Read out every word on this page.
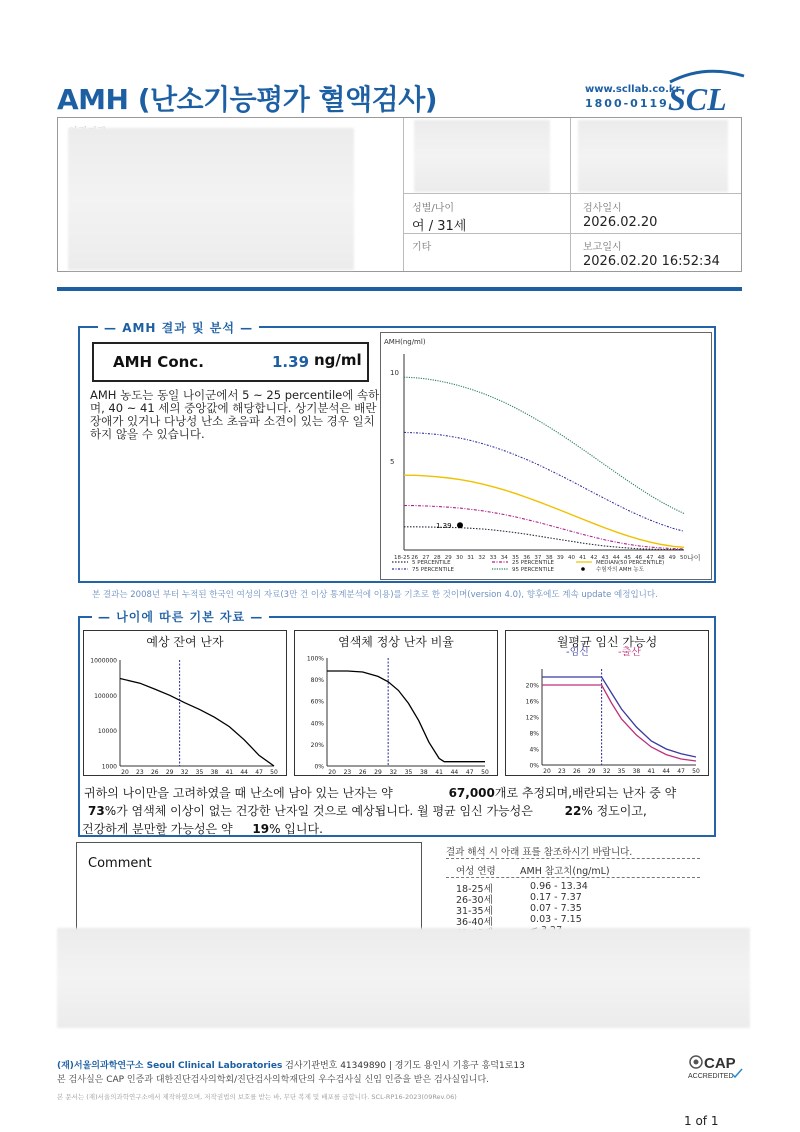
AMH (난소기능평가 혈액검사)	www.scllab.co.kr
1800-0119 SCL
성별/나이
여 / 31세
검사일시
2026.02.20
기타	보고일시
2026.02.20 16:52:34
— AMH 결과 및 분석 —
AMH Conc.	1.39 ng/ml
AMH 농도는 동일 나이군에서 5 ~ 25 percentile에 속하며, 40 ~ 41 세의 중앙값에 해당합니다. 상기분석은 배란장애가 있거나 다낭성 난소 초음파 소견이 있는 경우 일치하지 않을 수 있습니다.
AMH(ng/ml)
10
5
18-25 26 27 28 29 30 31 32 33 34 35 36 37 38 39 40 41 42 43 44 45 46 47 48 49 50 나이
1.39
5 PERCENTILE	25 PERCENTILE	MEDIAN(50 PERCENTILE)
75 PERCENTILE	95 PERCENTILE	수험자의 AMH 농도
본 결과는 2008년 부터 누적된 한국인 여성의 자료(3만 건 이상 통계분석에 이용)를 기초로 한 것이며(version 4.0), 향후에도 계속 update 예정입니다.
— 나이에 따른 기본 자료 —
예상 잔여 난자
1000000
100000
10000
1000
20 23 26 29 32 35 38 41 44 47 50
염색체 정상 난자 비율
100%
80%
60%
40%
20%
0%
20 23 26 29 32 35 38 41 44 47 50
월평균 임신 가능성
20%
16%
12%
8%
4%
0%
20 23 26 29 32 35 38 41 44 47 50
-임신	-출산
귀하의 나이만을 고려하였을 때 난소에 남아 있는 난자는 약	67,000개로 추정되며,배란되는 난자 중 약
73%가 염색체 이상이 없는 건강한 난자일 것으로 예상됩니다. 월 평균 임신 가능성은	22% 정도이고,
건강하게 분만할 가능성은 약 19% 입니다.
Comment
결과 해석 시 아래 표를 참조하시기 바랍니다.
여성 연령	AMH 참고치(ng/mL)
18-25세	0.96 - 13.34
26-30세	0.17 - 7.37
31-35세	0.07 - 7.35
36-40세	0.03 - 7.15
(재)서울의과학연구소 Seoul Clinical Laboratories 검사기관번호 41349890 | 경기도 용인시 기흥구 흥덕1로13
본 검사실은 CAP 인증과 대한진단검사의학회/진단검사의학재단의 우수검사실 신임 인증을 받은 검사실입니다.
본 문서는 (재)서울의과학연구소에서 제작하였으며, 저작권법의 보호를 받는 바, 무단 복제 및 배포를 금합니다. SCL-RP16-2023(09Rev.06)
CAP
ACCREDITED
1 of 1
